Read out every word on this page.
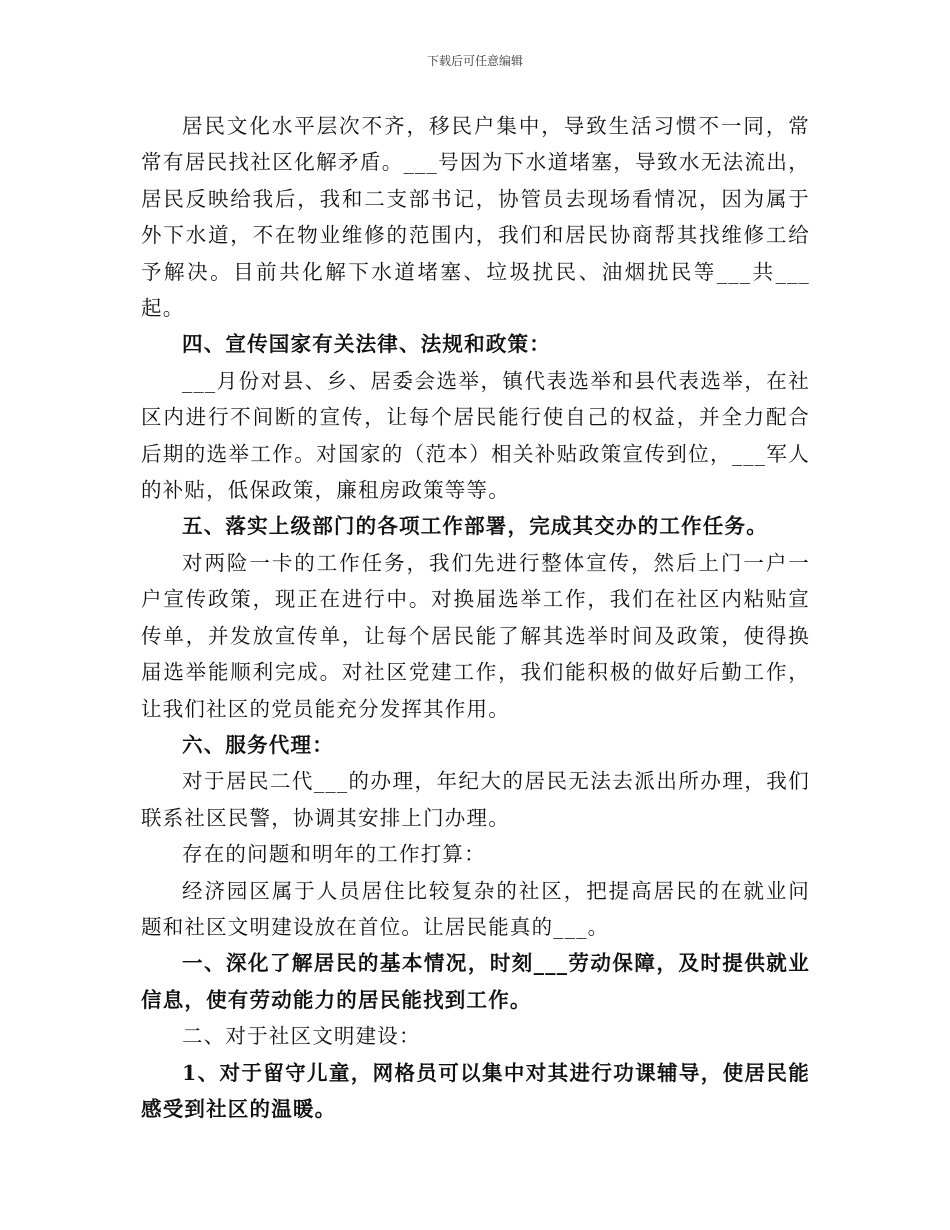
下载后可任意编辑

居民文化水平层次不齐，移民户集中，导致生活习惯不一同，常常有居民找社区化解矛盾。___号因为下水道堵塞，导致水无法流出，居民反映给我后，我和二支部书记，协管员去现场看情况，因为属于外下水道，不在物业维修的范围内，我们和居民协商帮其找维修工给予解决。目前共化解下水道堵塞、垃圾扰民、油烟扰民等___共___起。

四、宣传国家有关法律、法规和政策：

___月份对县、乡、居委会选举，镇代表选举和县代表选举，在社区内进行不间断的宣传，让每个居民能行使自己的权益，并全力配合后期的选举工作。对国家的（范本）相关补贴政策宣传到位，___军人的补贴，低保政策，廉租房政策等等。

五、落实上级部门的各项工作部署，完成其交办的工作任务。

对两险一卡的工作任务，我们先进行整体宣传，然后上门一户一户宣传政策，现正在进行中。对换届选举工作，我们在社区内粘贴宣传单，并发放宣传单，让每个居民能了解其选举时间及政策，使得换届选举能顺利完成。对社区党建工作，我们能积极的做好后勤工作，让我们社区的党员能充分发挥其作用。

六、服务代理：

对于居民二代___的办理，年纪大的居民无法去派出所办理，我们联系社区民警，协调其安排上门办理。

存在的问题和明年的工作打算：

经济园区属于人员居住比较复杂的社区，把提高居民的在就业问题和社区文明建设放在首位。让居民能真的___。

一、深化了解居民的基本情况，时刻___劳动保障，及时提供就业信息，使有劳动能力的居民能找到工作。

二、对于社区文明建设：

1、对于留守儿童，网格员可以集中对其进行功课辅导，使居民能感受到社区的温暖。
